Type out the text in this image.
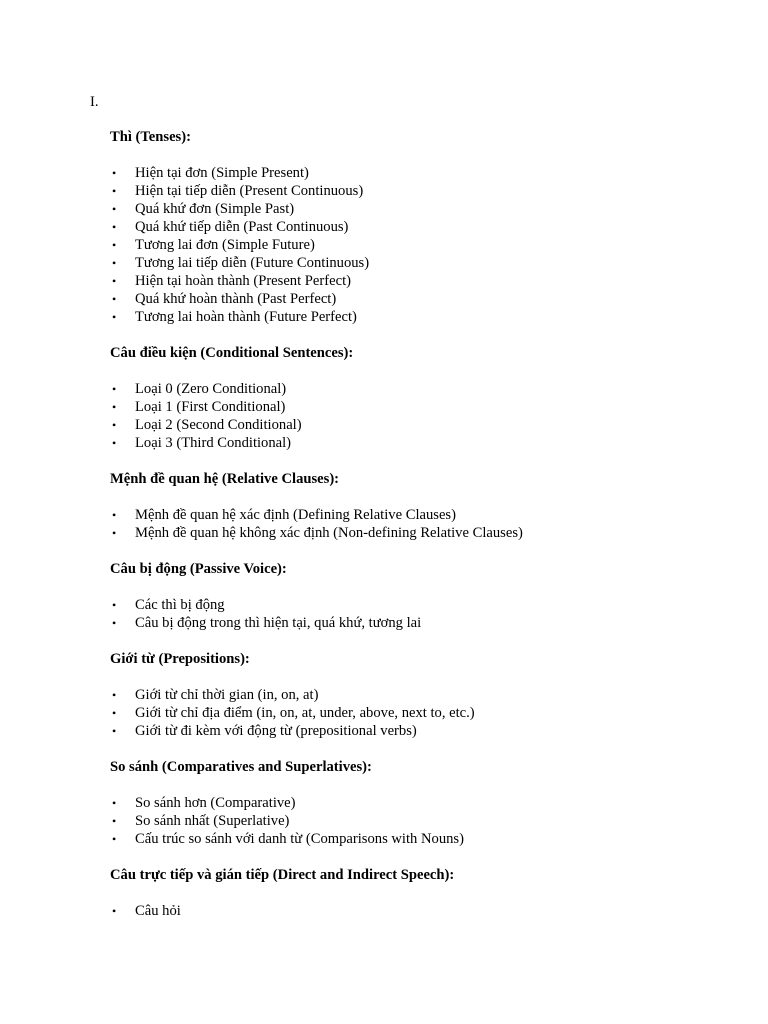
I.
Thì (Tenses):
• Hiện tại đơn (Simple Present)
• Hiện tại tiếp diễn (Present Continuous)
• Quá khứ đơn (Simple Past)
• Quá khứ tiếp diễn (Past Continuous)
• Tương lai đơn (Simple Future)
• Tương lai tiếp diễn (Future Continuous)
• Hiện tại hoàn thành (Present Perfect)
• Quá khứ hoàn thành (Past Perfect)
• Tương lai hoàn thành (Future Perfect)
Câu điều kiện (Conditional Sentences):
• Loại 0 (Zero Conditional)
• Loại 1 (First Conditional)
• Loại 2 (Second Conditional)
• Loại 3 (Third Conditional)
Mệnh đề quan hệ (Relative Clauses):
• Mệnh đề quan hệ xác định (Defining Relative Clauses)
• Mệnh đề quan hệ không xác định (Non-defining Relative Clauses)
Câu bị động (Passive Voice):
• Các thì bị động
• Câu bị động trong thì hiện tại, quá khứ, tương lai
Giới từ (Prepositions):
• Giới từ chỉ thời gian (in, on, at)
• Giới từ chỉ địa điểm (in, on, at, under, above, next to, etc.)
• Giới từ đi kèm với động từ (prepositional verbs)
So sánh (Comparatives and Superlatives):
• So sánh hơn (Comparative)
• So sánh nhất (Superlative)
• Cấu trúc so sánh với danh từ (Comparisons with Nouns)
Câu trực tiếp và gián tiếp (Direct and Indirect Speech):
• Câu hỏi
